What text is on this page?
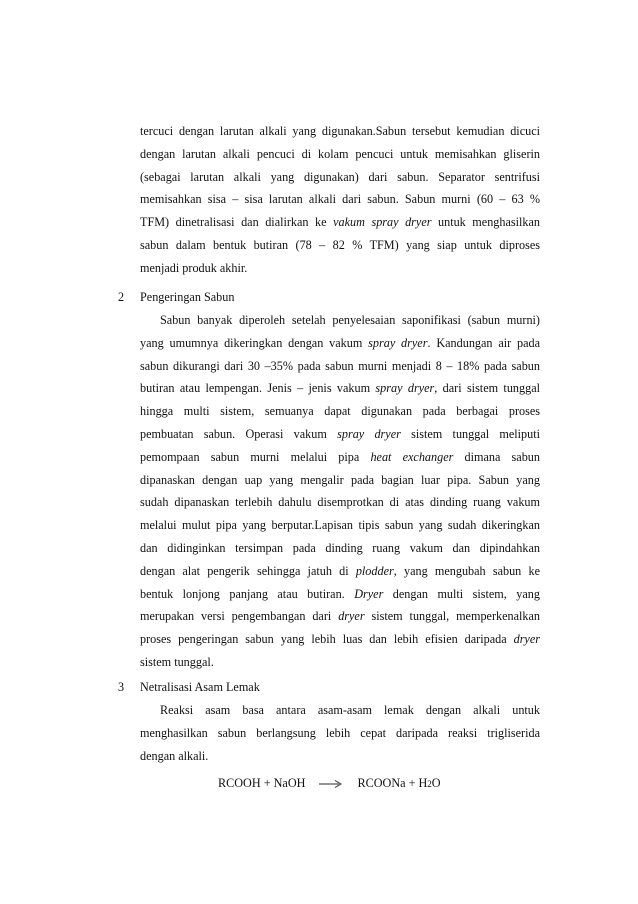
tercuci dengan larutan alkali yang digunakan.Sabun tersebut kemudian dicuci
dengan larutan alkali pencuci di kolam pencuci untuk memisahkan gliserin
(sebagai larutan alkali yang digunakan) dari sabun. Separator sentrifusi
memisahkan sisa – sisa larutan alkali dari sabun. Sabun murni (60 – 63 %
TFM) dinetralisasi dan dialirkan ke vakum spray dryer untuk menghasilkan
sabun dalam bentuk butiran (78 – 82 % TFM) yang siap untuk diproses
menjadi produk akhir.
2 Pengeringan Sabun
Sabun banyak diperoleh setelah penyelesaian saponifikasi (sabun murni)
yang umumnya dikeringkan dengan vakum spray dryer. Kandungan air pada
sabun dikurangi dari 30 –35% pada sabun murni menjadi 8 – 18% pada sabun
butiran atau lempengan. Jenis – jenis vakum spray dryer, dari sistem tunggal
hingga multi sistem, semuanya dapat digunakan pada berbagai proses
pembuatan sabun. Operasi vakum spray dryer sistem tunggal meliputi
pemompaan sabun murni melalui pipa heat exchanger dimana sabun
dipanaskan dengan uap yang mengalir pada bagian luar pipa. Sabun yang
sudah dipanaskan terlebih dahulu disemprotkan di atas dinding ruang vakum
melalui mulut pipa yang berputar.Lapisan tipis sabun yang sudah dikeringkan
dan didinginkan tersimpan pada dinding ruang vakum dan dipindahkan
dengan alat pengerik sehingga jatuh di plodder, yang mengubah sabun ke
bentuk lonjong panjang atau butiran. Dryer dengan multi sistem, yang
merupakan versi pengembangan dari dryer sistem tunggal, memperkenalkan
proses pengeringan sabun yang lebih luas dan lebih efisien daripada dryer
sistem tunggal.
3 Netralisasi Asam Lemak
Reaksi asam basa antara asam-asam lemak dengan alkali untuk
menghasilkan sabun berlangsung lebih cepat daripada reaksi trigliserida
dengan alkali.
RCOOH + NaOH → RCOONa + H2O
